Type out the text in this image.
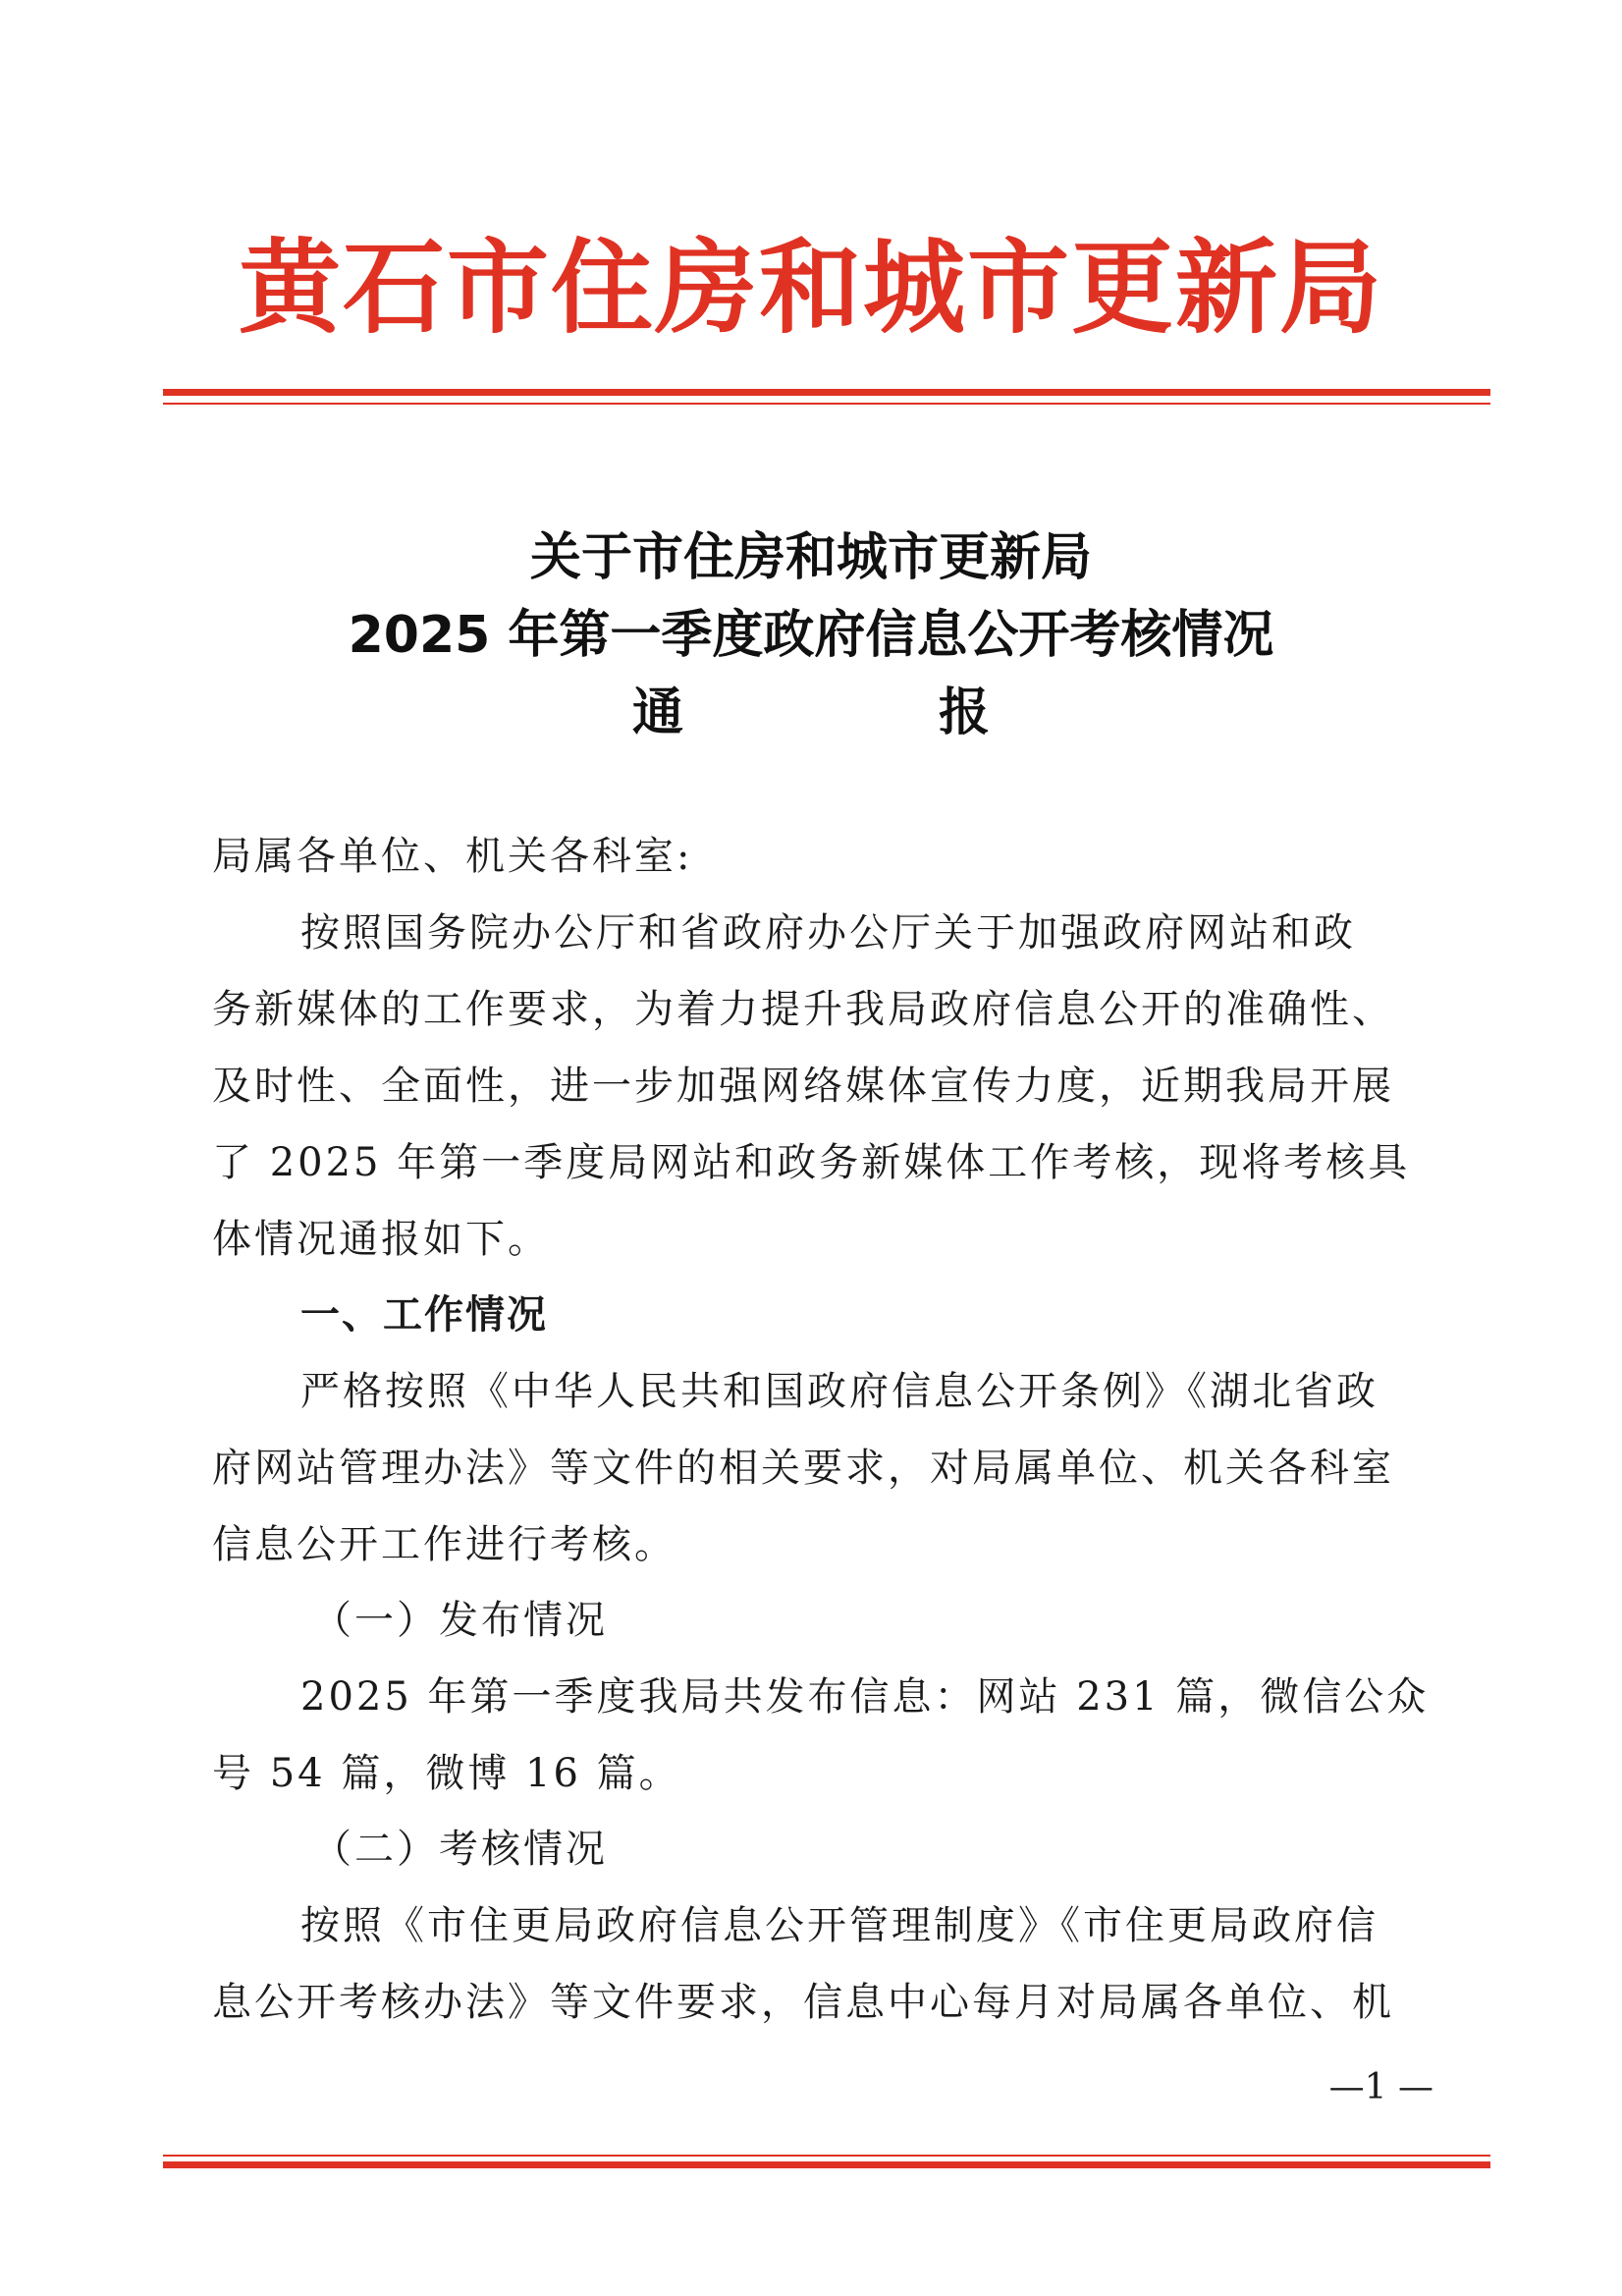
黄石市住房和城市更新局
关于市住房和城市更新局
2025 年第一季度政府信息公开考核情况
通	报
局属各单位、机关各科室:
按照国务院办公厅和省政府办公厅关于加强政府网站和政
务新媒体的工作要求，为着力提升我局政府信息公开的准确性、
及时性、全面性，进一步加强网络媒体宣传力度，近期我局开展
了 2025 年第一季度局网站和政务新媒体工作考核，现将考核具
体情况通报如下。
一、工作情况
严格按照《中华人民共和国政府信息公开条例》《湖北省政
府网站管理办法》等文件的相关要求，对局属单位、机关各科室
信息公开工作进行考核。
（一）发布情况
2025 年第一季度我局共发布信息：网站 231 篇，微信公众
号 54 篇，微博 16 篇。
（二）考核情况
按照《市住更局政府信息公开管理制度》《市住更局政府信
息公开考核办法》等文件要求，信息中心每月对局属各单位、机
—1 —
